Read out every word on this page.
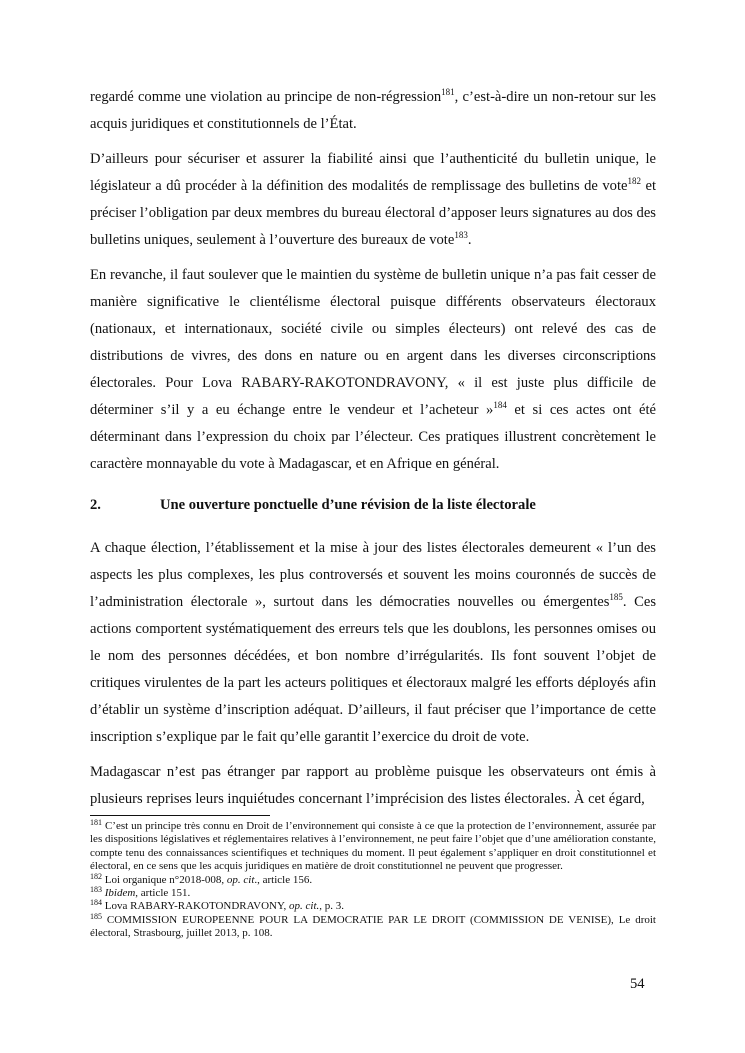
regardé comme une violation au principe de non-régression$^{181}$, c’est-à-dire un non-retour sur les acquis juridiques et constitutionnels de l’État.

D’ailleurs pour sécuriser et assurer la fiabilité ainsi que l’authenticité du bulletin unique, le législateur a dû procéder à la définition des modalités de remplissage des bulletins de vote$^{182}$ et préciser l’obligation par deux membres du bureau électoral d’apposer leurs signatures au dos des bulletins uniques, seulement à l’ouverture des bureaux de vote$^{183}$.

En revanche, il faut soulever que le maintien du système de bulletin unique n’a pas fait cesser de manière significative le clientélisme électoral puisque différents observateurs électoraux (nationaux, et internationaux, société civile ou simples électeurs) ont relevé des cas de distributions de vivres, des dons en nature ou en argent dans les diverses circonscriptions électorales. Pour Lova RABARY-RAKOTONDRAVONY, « il est juste plus difficile de déterminer s’il y a eu échange entre le vendeur et l’acheteur »$^{184}$ et si ces actes ont été déterminant dans l’expression du choix par l’électeur. Ces pratiques illustrent concrètement le caractère monnayable du vote à Madagascar, et en Afrique en général.

2.	Une ouverture ponctuelle d’une révision de la liste électorale

A chaque élection, l’établissement et la mise à jour des listes électorales demeurent « l’un des aspects les plus complexes, les plus controversés et souvent les moins couronnés de succès de l’administration électorale », surtout dans les démocraties nouvelles ou émergentes$^{185}$. Ces actions comportent systématiquement des erreurs tels que les doublons, les personnes omises ou le nom des personnes décédées, et bon nombre d’irrégularités. Ils font souvent l’objet de critiques virulentes de la part les acteurs politiques et électoraux malgré les efforts déployés afin d’établir un système d’inscription adéquat. D’ailleurs, il faut préciser que l’importance de cette inscription s’explique par le fait qu’elle garantit l’exercice du droit de vote.

Madagascar n’est pas étranger par rapport au problème puisque les observateurs ont émis à plusieurs reprises leurs inquiétudes concernant l’imprécision des listes électorales. À cet égard,

$^{181}$ C’est un principe très connu en Droit de l’environnement qui consiste à ce que la protection de l’environnement, assurée par les dispositions législatives et réglementaires relatives à l’environnement, ne peut faire l’objet que d’une amélioration constante, compte tenu des connaissances scientifiques et techniques du moment. Il peut également s’appliquer en droit constitutionnel et électoral, en ce sens que les acquis juridiques en matière de droit constitutionnel ne peuvent que progresser.

$^{182}$ Loi organique n°2018-008, op. cit., article 156.

$^{183}$ Ibidem, article 151.

$^{184}$ Lova RABARY-RAKOTONDRAVONY, op. cit., p. 3.

$^{185}$ COMMISSION EUROPEENNE POUR LA DEMOCRATIE PAR LE DROIT (COMMISSION DE VENISE), Le droit électoral, Strasbourg, juillet 2013, p. 108.

54
